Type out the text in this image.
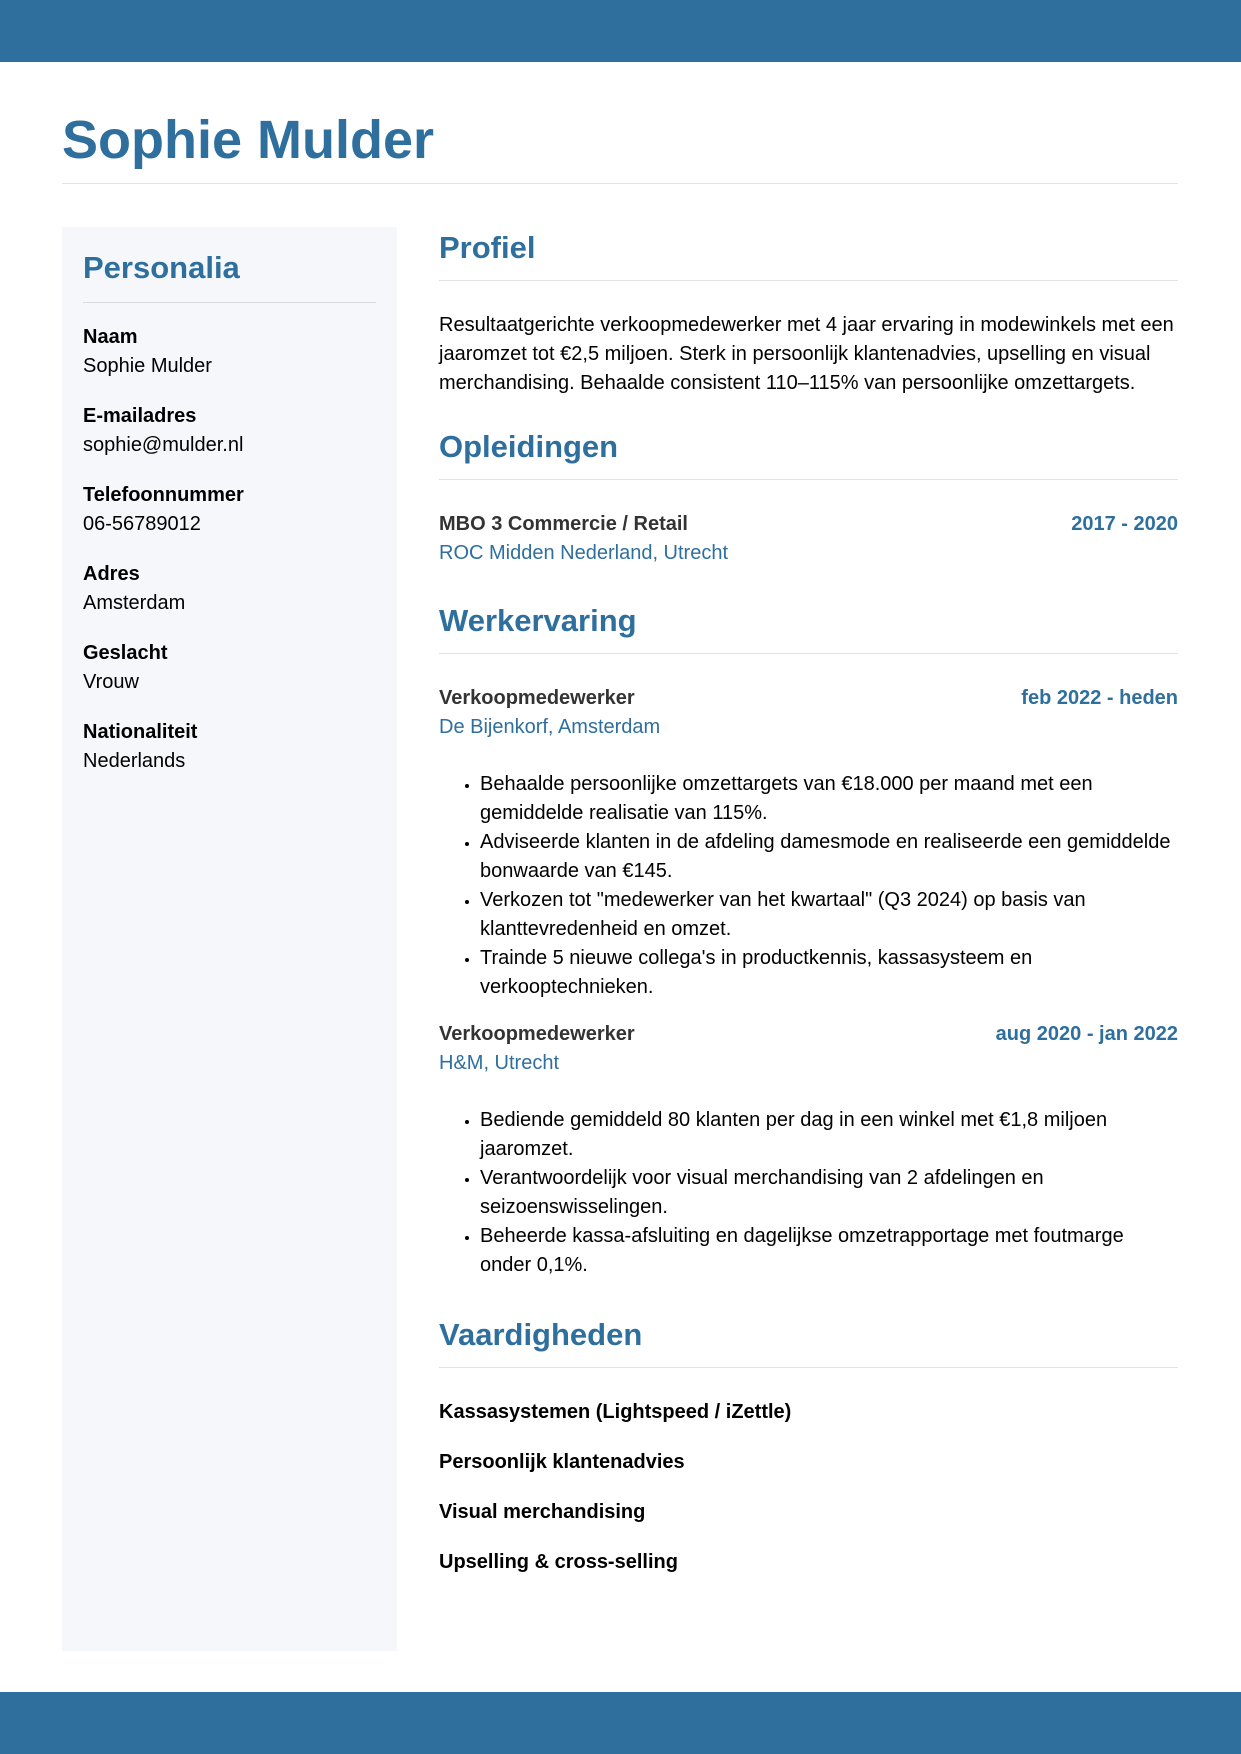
Sophie Mulder
Personalia
Naam
Sophie Mulder
E-mailadres
sophie@mulder.nl
Telefoonnummer
06-56789012
Adres
Amsterdam
Geslacht
Vrouw
Nationaliteit
Nederlands
Profiel

Resultaatgerichte verkoopmedewerker met 4 jaar ervaring in modewinkels met een jaaromzet tot €2,5 miljoen. Sterk in persoonlijk klantenadvies, upselling en visual merchandising. Behaalde consistent 110–115% van persoonlijke omzettargets.

Opleidingen
MBO 3 Commercie / Retail	2017 - 2020
ROC Midden Nederland, Utrecht
Werkervaring
Verkoopmedewerker	feb 2022 - heden
De Bijenkorf, Amsterdam
• Behaalde persoonlijke omzettargets van €18.000 per maand met een gemiddelde realisatie van 115%.
• Adviseerde klanten in de afdeling damesmode en realiseerde een gemiddelde bonwaarde van €145.
• Verkozen tot "medewerker van het kwartaal" (Q3 2024) op basis van klanttevredenheid en omzet.
• Trainde 5 nieuwe collega's in productkennis, kassasysteem en verkooptechnieken.
Verkoopmedewerker	aug 2020 - jan 2022
H&M, Utrecht
• Bediende gemiddeld 80 klanten per dag in een winkel met €1,8 miljoen jaaromzet.
• Verantwoordelijk voor visual merchandising van 2 afdelingen en seizoenswisselingen.
• Beheerde kassa-afsluiting en dagelijkse omzetrapportage met foutmarge onder 0,1%.
Vaardigheden
Kassasystemen (Lightspeed / iZettle)
Persoonlijk klantenadvies
Visual merchandising
Upselling & cross-selling
